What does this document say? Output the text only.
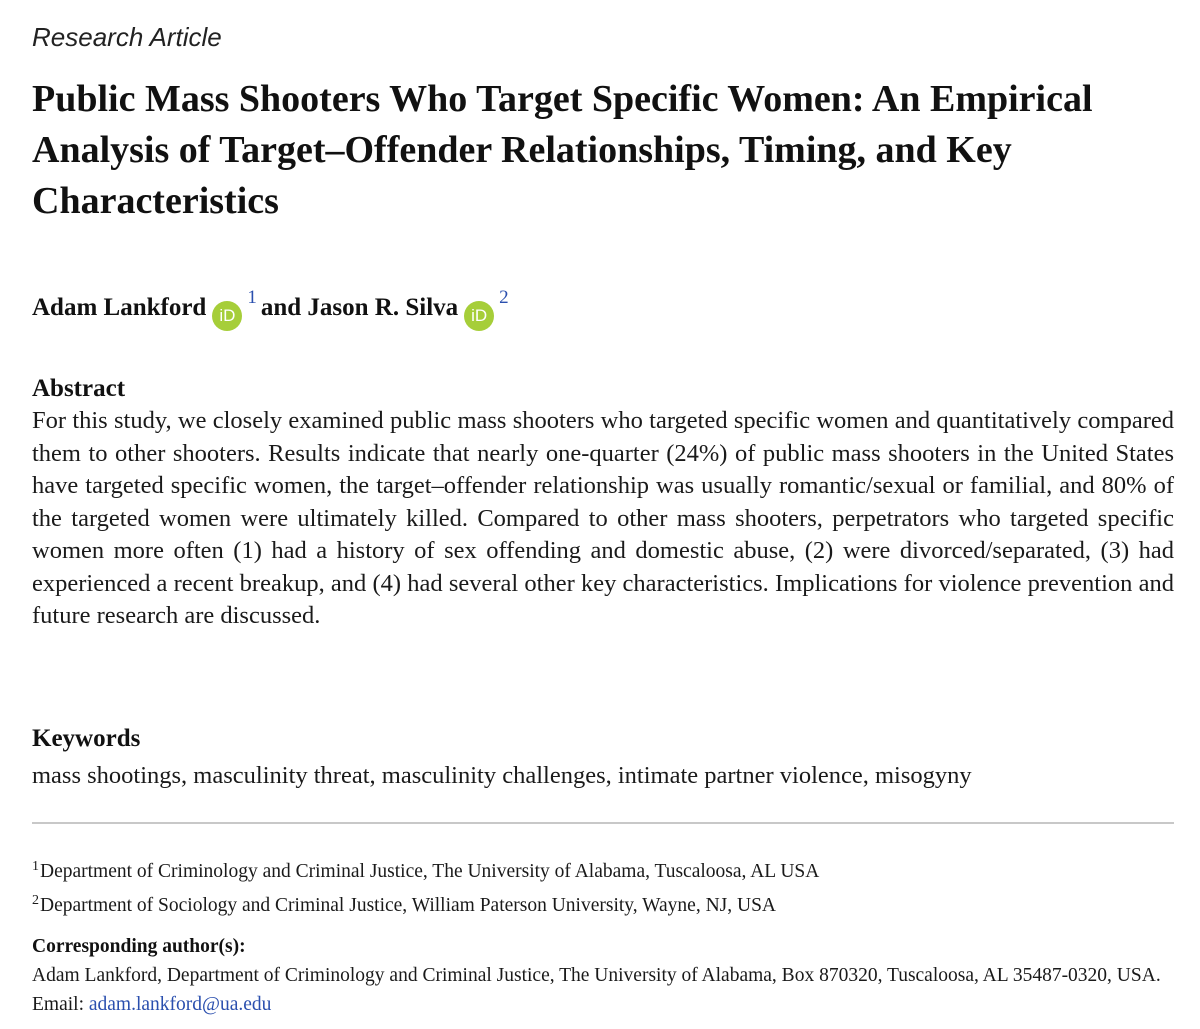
Research Article

Public Mass Shooters Who Target Specific Women: An Empirical Analysis of Target–Offender Relationships, Timing, and Key Characteristics
Adam Lankford iD$^1$ and Jason R. Silva iD$^2$
Abstract

For this study, we closely examined public mass shooters who targeted specific women and quantitatively compared them to other shooters. Results indicate that nearly one-quarter (24%) of public mass shooters in the United States have targeted specific women, the target–offender relationship was usually romantic/sexual or familial, and 80% of the targeted women were ultimately killed. Compared to other mass shooters, perpetrators who targeted specific women more often (1) had a history of sex offending and domestic abuse, (2) were divorced/separated, (3) had experienced a recent breakup, and (4) had several other key characteristics. Implications for violence prevention and future research are discussed.

Keywords

mass shootings, masculinity threat, masculinity challenges, intimate partner violence, misogyny

$^1$Department of Criminology and Criminal Justice, The University of Alabama, Tuscaloosa, AL USA
$^2$Department of Sociology and Criminal Justice, William Paterson University, Wayne, NJ, USA

Corresponding author(s):

Adam Lankford, Department of Criminology and Criminal Justice, The University of Alabama, Box 870320, Tuscaloosa, AL 35487-0320, USA. Email: adam.lankford@ua.edu
